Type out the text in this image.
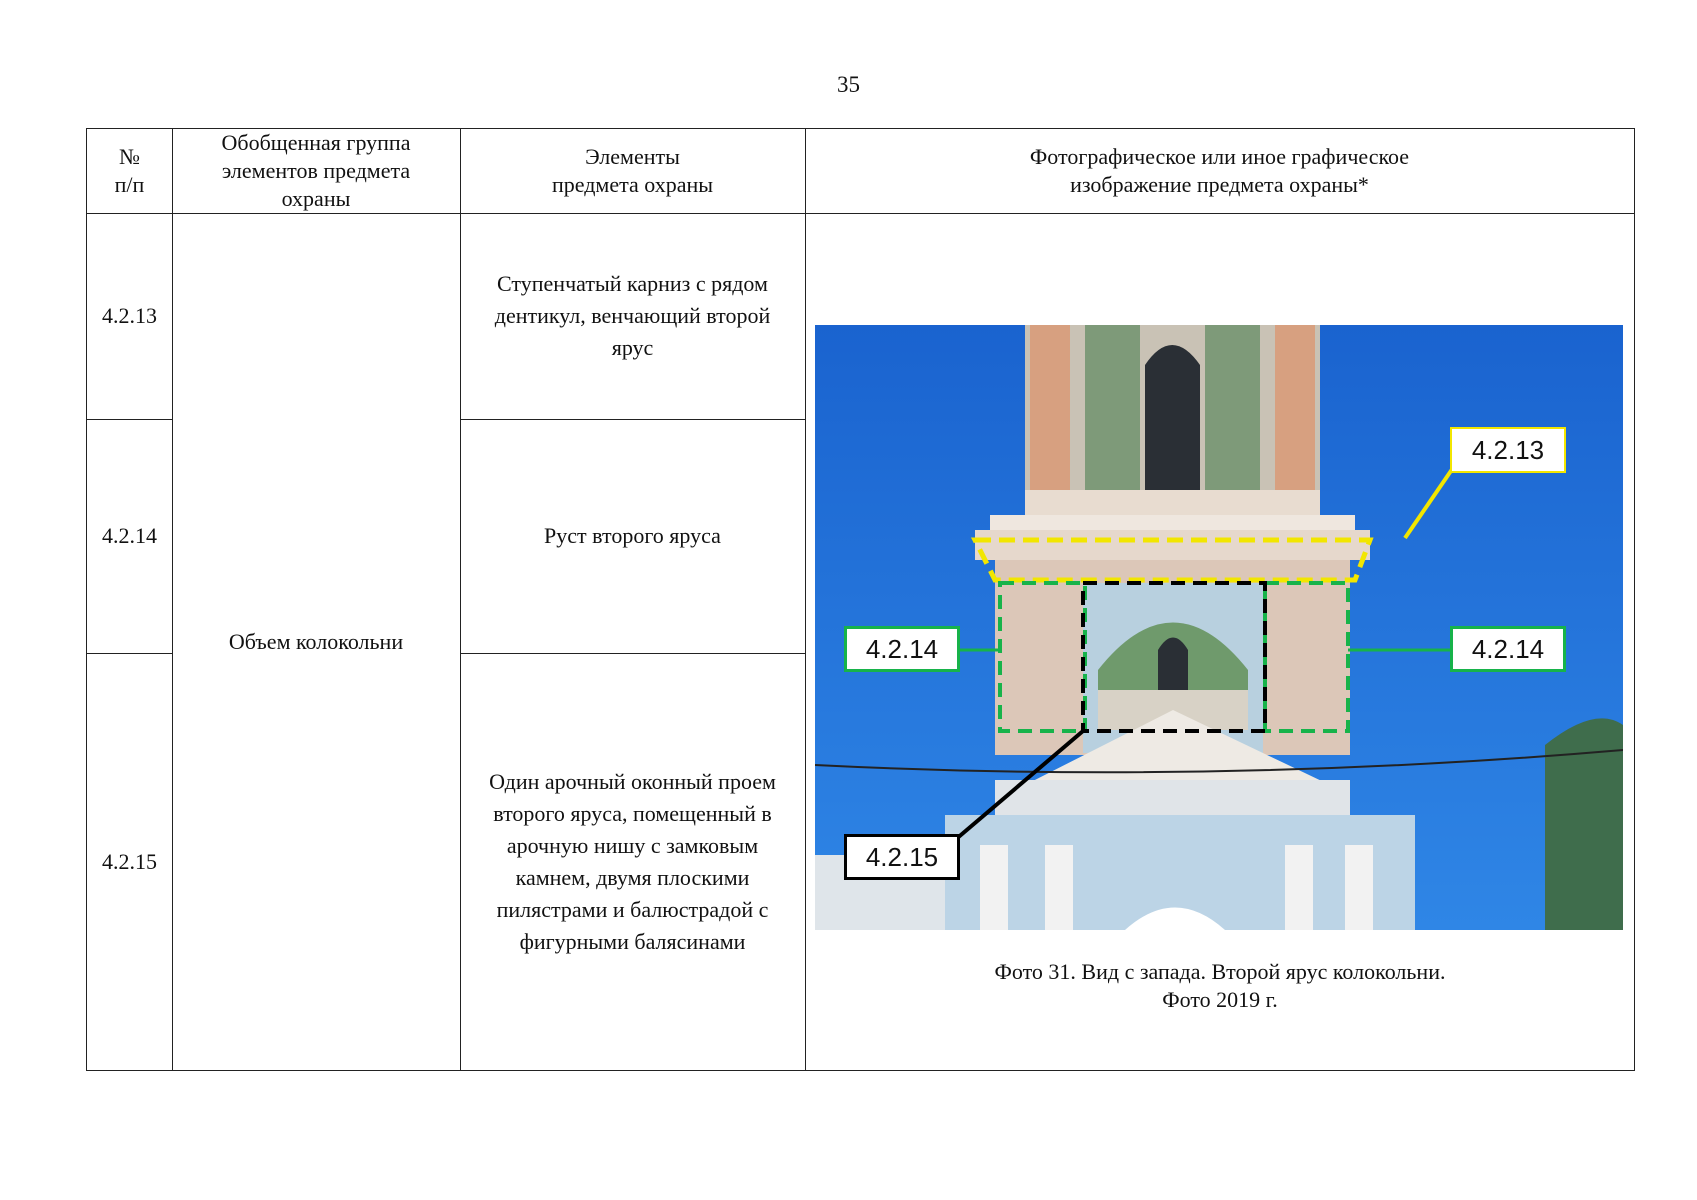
35
№
п/п
Обобщенная группа элементов предмета охраны
Элементы
предмета охраны
Фотографическое или иное графическое
изображение предмета охраны*
Объем колокольни
4.2.13
Ступенчатый карниз с рядом дентикул, венчающий второй ярус
4.2.14	Руст второго яруса
4.2.15
Один арочный оконный проем второго яруса, помещенный в арочную нишу с замковым камнем, двумя плоскими пилястрами и балюстрадой с фигурными балясинами
4.2.13
4.2.14	4.2.14
4.2.15
Фото 31. Вид с запада. Второй ярус колокольни.
Фото 2019 г.
